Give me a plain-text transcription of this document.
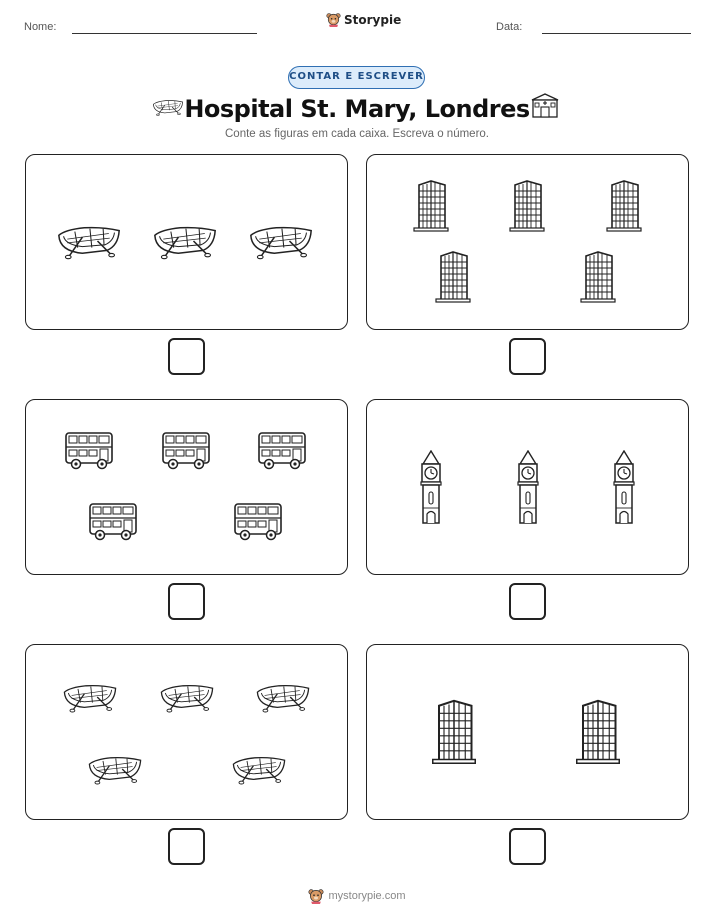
Nome:	Data:
Storypie
CONTAR E ESCREVER
Hospital St. Mary, Londres
Conte as figuras em cada caixa. Escreva o número.
mystorypie.com
